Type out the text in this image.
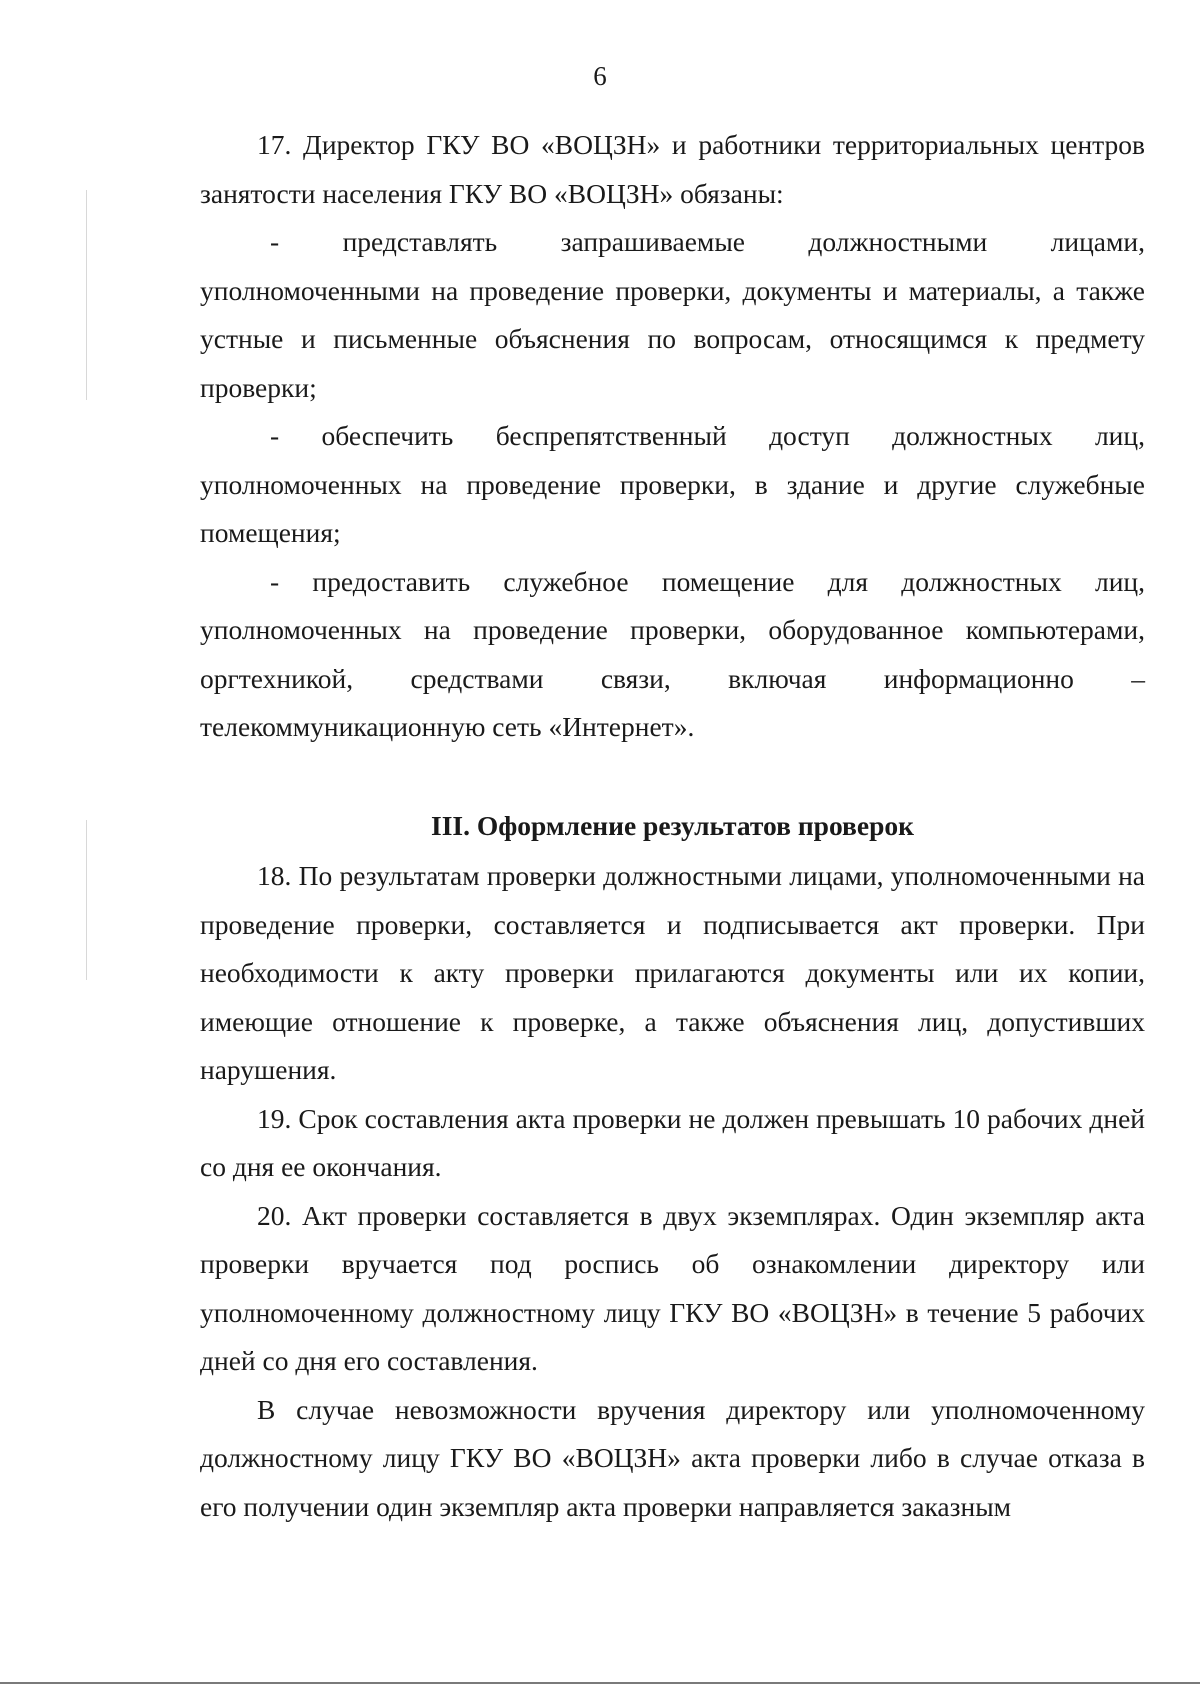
6

17. Директор ГКУ ВО «ВОЦЗН» и работники территориальных центров занятости населения ГКУ ВО «ВОЦЗН» обязаны:

- представлять запрашиваемые должностными лицами, уполномоченными на проведение проверки, документы и материалы, а также устные и письменные объяснения по вопросам, относящимся к предмету проверки;

- обеспечить беспрепятственный доступ должностных лиц, уполномоченных на проведение проверки, в здание и другие служебные помещения;

- предоставить служебное помещение для должностных лиц, уполномоченных на проведение проверки, оборудованное компьютерами, оргтехникой, средствами связи, включая информационно – телекоммуникационную сеть «Интернет».

III. Оформление результатов проверок

18. По результатам проверки должностными лицами, уполномоченными на проведение проверки, составляется и подписывается акт проверки. При необходимости к акту проверки прилагаются документы или их копии, имеющие отношение к проверке, а также объяснения лиц, допустивших нарушения.

19. Срок составления акта проверки не должен превышать 10 рабочих дней со дня ее окончания.

20. Акт проверки составляется в двух экземплярах. Один экземпляр акта проверки вручается под роспись об ознакомлении директору или уполномоченному должностному лицу ГКУ ВО «ВОЦЗН» в течение 5 рабочих дней со дня его составления.

В случае невозможности вручения директору или уполномоченному должностному лицу ГКУ ВО «ВОЦЗН» акта проверки либо в случае отказа в его получении один экземпляр акта проверки направляется заказным
